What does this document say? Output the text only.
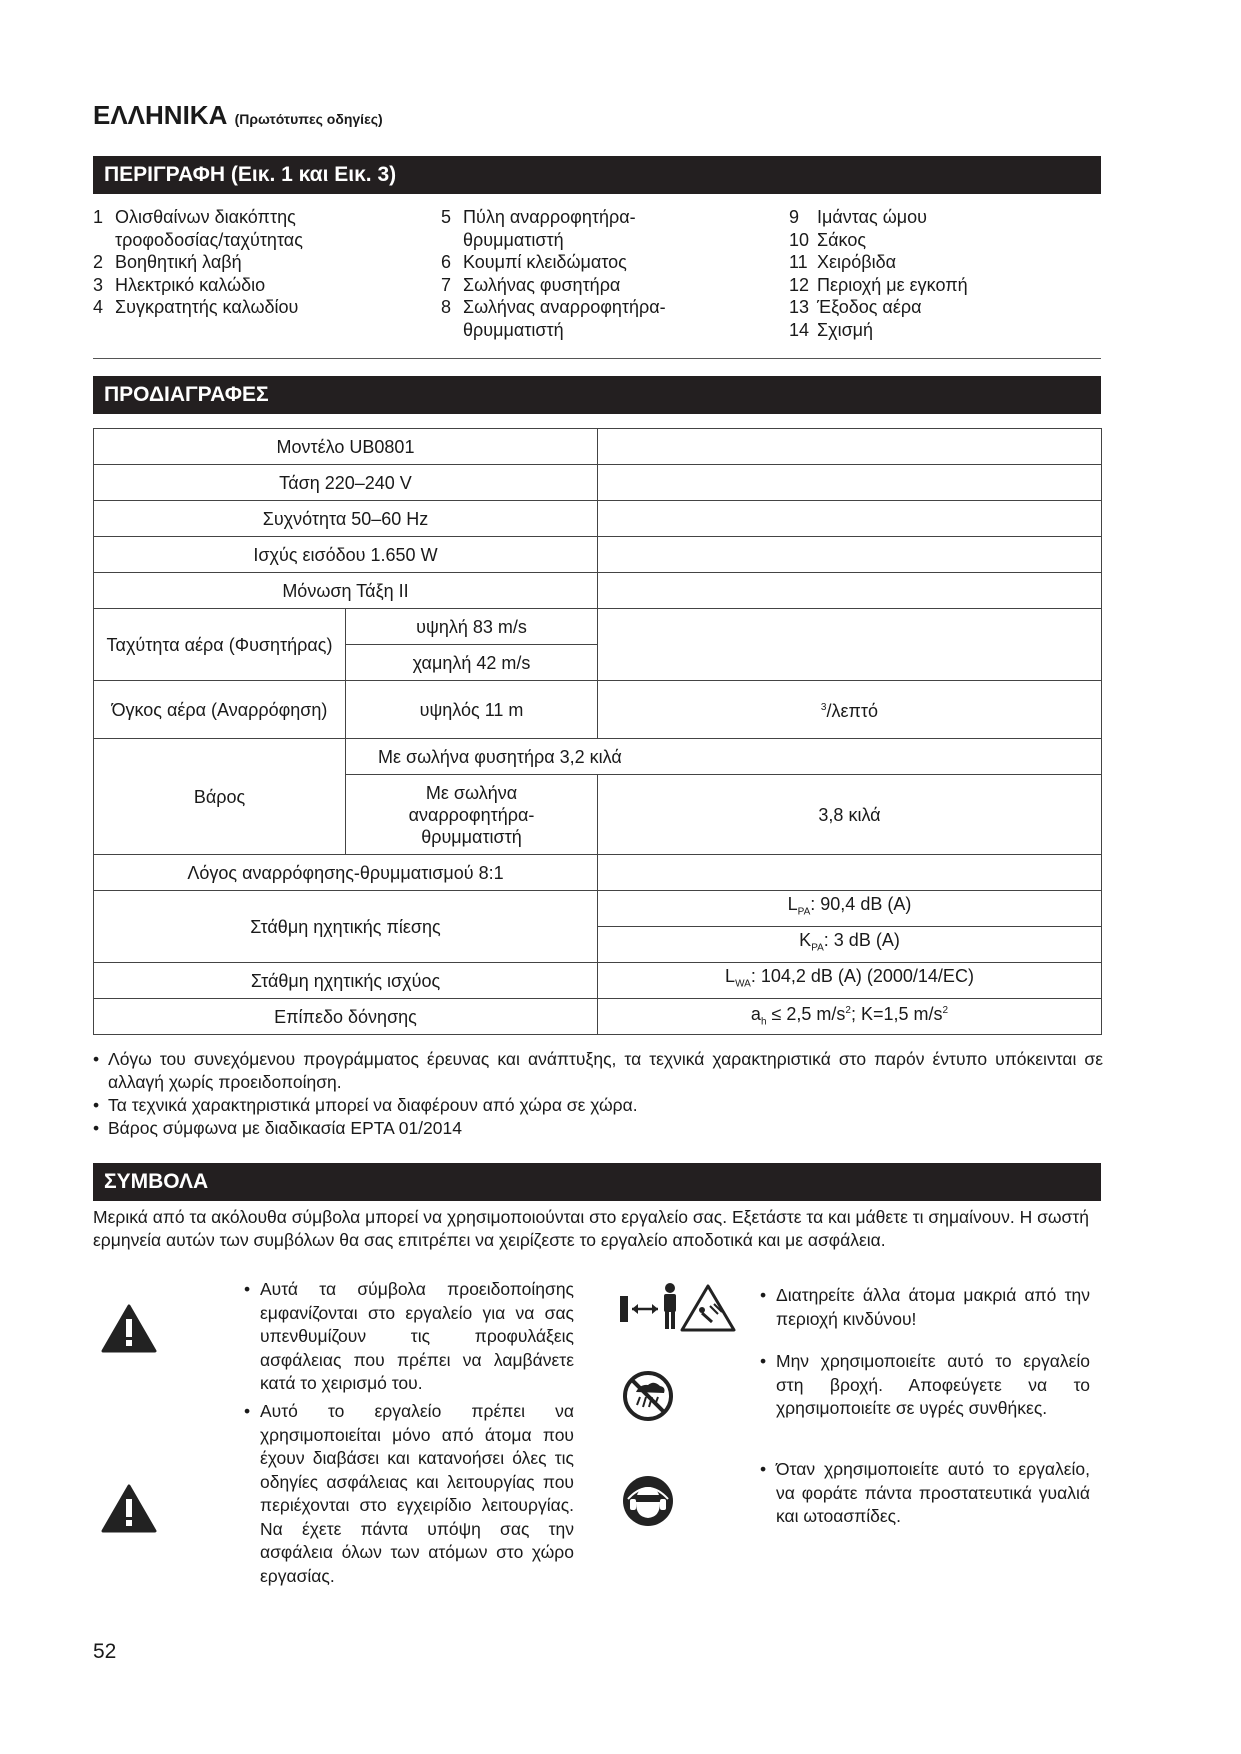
ΕΛΛΗΝΙΚΑ (Πρωτότυπες οδηγίες)
ΠΕΡΙΓΡΑΦΗ (Εικ. 1 και Εικ. 3)
1 Ολισθαίνων διακόπτης
τροφοδοσίας/ταχύτητας
2 Βοηθητική λαβή
3 Ηλεκτρικό καλώδιο
4 Συγκρατητής καλωδίου
5 Πύλη αναρροφητήρα-
θρυμματιστή
6 Κουμπί κλειδώματος
7 Σωλήνας φυσητήρα
8 Σωλήνας αναρροφητήρα-
θρυμματιστή
9 Ιμάντας ώμου
10 Σάκος
11 Χειρόβιδα
12 Περιοχή με εγκοπή
13 Έξοδος αέρα
14 Σχισμή
ΠΡΟΔΙΑΓΡΑΦΕΣ
Μοντέλο UB0801		
Τάση 220–240 V		
Συχνότητα 50–60 Hz		
Ισχύς εισόδου 1.650 W		
Μόνωση Τάξη II		
Ταχύτητα αέρα (Φυσητήρας)	υψηλή 83 m/s	
	χαμηλή 42 m/s	
Όγκος αέρα (Αναρρόφηση)	υψηλός 11 m	$^3$/λεπτό
Βάρος	Με σωλήνα φυσητήρα 3,2 κιλά	
	Με σωλήνα αναρροφητήρα-θρυμματιστή	3,8 κιλά
Λόγος αναρρόφησης-θρυμματισμού 8:1		
Στάθμη ηχητικής πίεσης		$L_{PA}$: 90,4 dB (A)
		$K_{PA}$: 3 dB (A)
Στάθμη ηχητικής ισχύος		$L_{WA}$: 104,2 dB (A) (2000/14/EC)
Επίπεδο δόνησης		$a_h \le 2,5$ $m/s^2$; K=1,5 $m/s^2$
• Λόγω του συνεχόμενου προγράμματος έρευνας και ανάπτυξης, τα τεχνικά χαρακτηριστικά στο παρόν έντυπο υπόκεινται σε αλλαγή χωρίς προειδοποίηση.
• Τα τεχνικά χαρακτηριστικά μπορεί να διαφέρουν από χώρα σε χώρα.
• Βάρος σύμφωνα με διαδικασία EPTA 01/2014
ΣΥΜΒΟΛΑ
Μερικά από τα ακόλουθα σύμβολα μπορεί να χρησιμοποιούνται στο εργαλείο σας. Εξετάστε τα και μάθετε τι σημαίνουν. Η σωστή ερμηνεία αυτών των συμβόλων θα σας επιτρέπει να χειρίζεστε το εργαλείο αποδοτικά και με ασφάλεια.
• Αυτά τα σύμβολα προειδοποίησης εμφανίζονται στο εργαλείο για να σας υπενθυμίζουν τις προφυλάξεις ασφάλειας που πρέπει να λαμβάνετε κατά το χειρισμό του.
• Αυτό το εργαλείο πρέπει να χρησιμοποιείται μόνο από άτομα που έχουν διαβάσει και κατανοήσει όλες τις οδηγίες ασφάλειας και λειτουργίας που περιέχονται στο εγχειρίδιο λειτουργίας. Να έχετε πάντα υπόψη σας την ασφάλεια όλων των ατόμων στο χώρο εργασίας.
• Διατηρείτε άλλα άτομα μακριά από την περιοχή κινδύνου!
• Μην χρησιμοποιείτε αυτό το εργαλείο στη βροχή. Αποφεύγετε να το χρησιμοποιείτε σε υγρές συνθήκες.
• Όταν χρησιμοποιείτε αυτό το εργαλείο, να φοράτε πάντα προστατευτικά γυαλιά και ωτοασπίδες.
52
